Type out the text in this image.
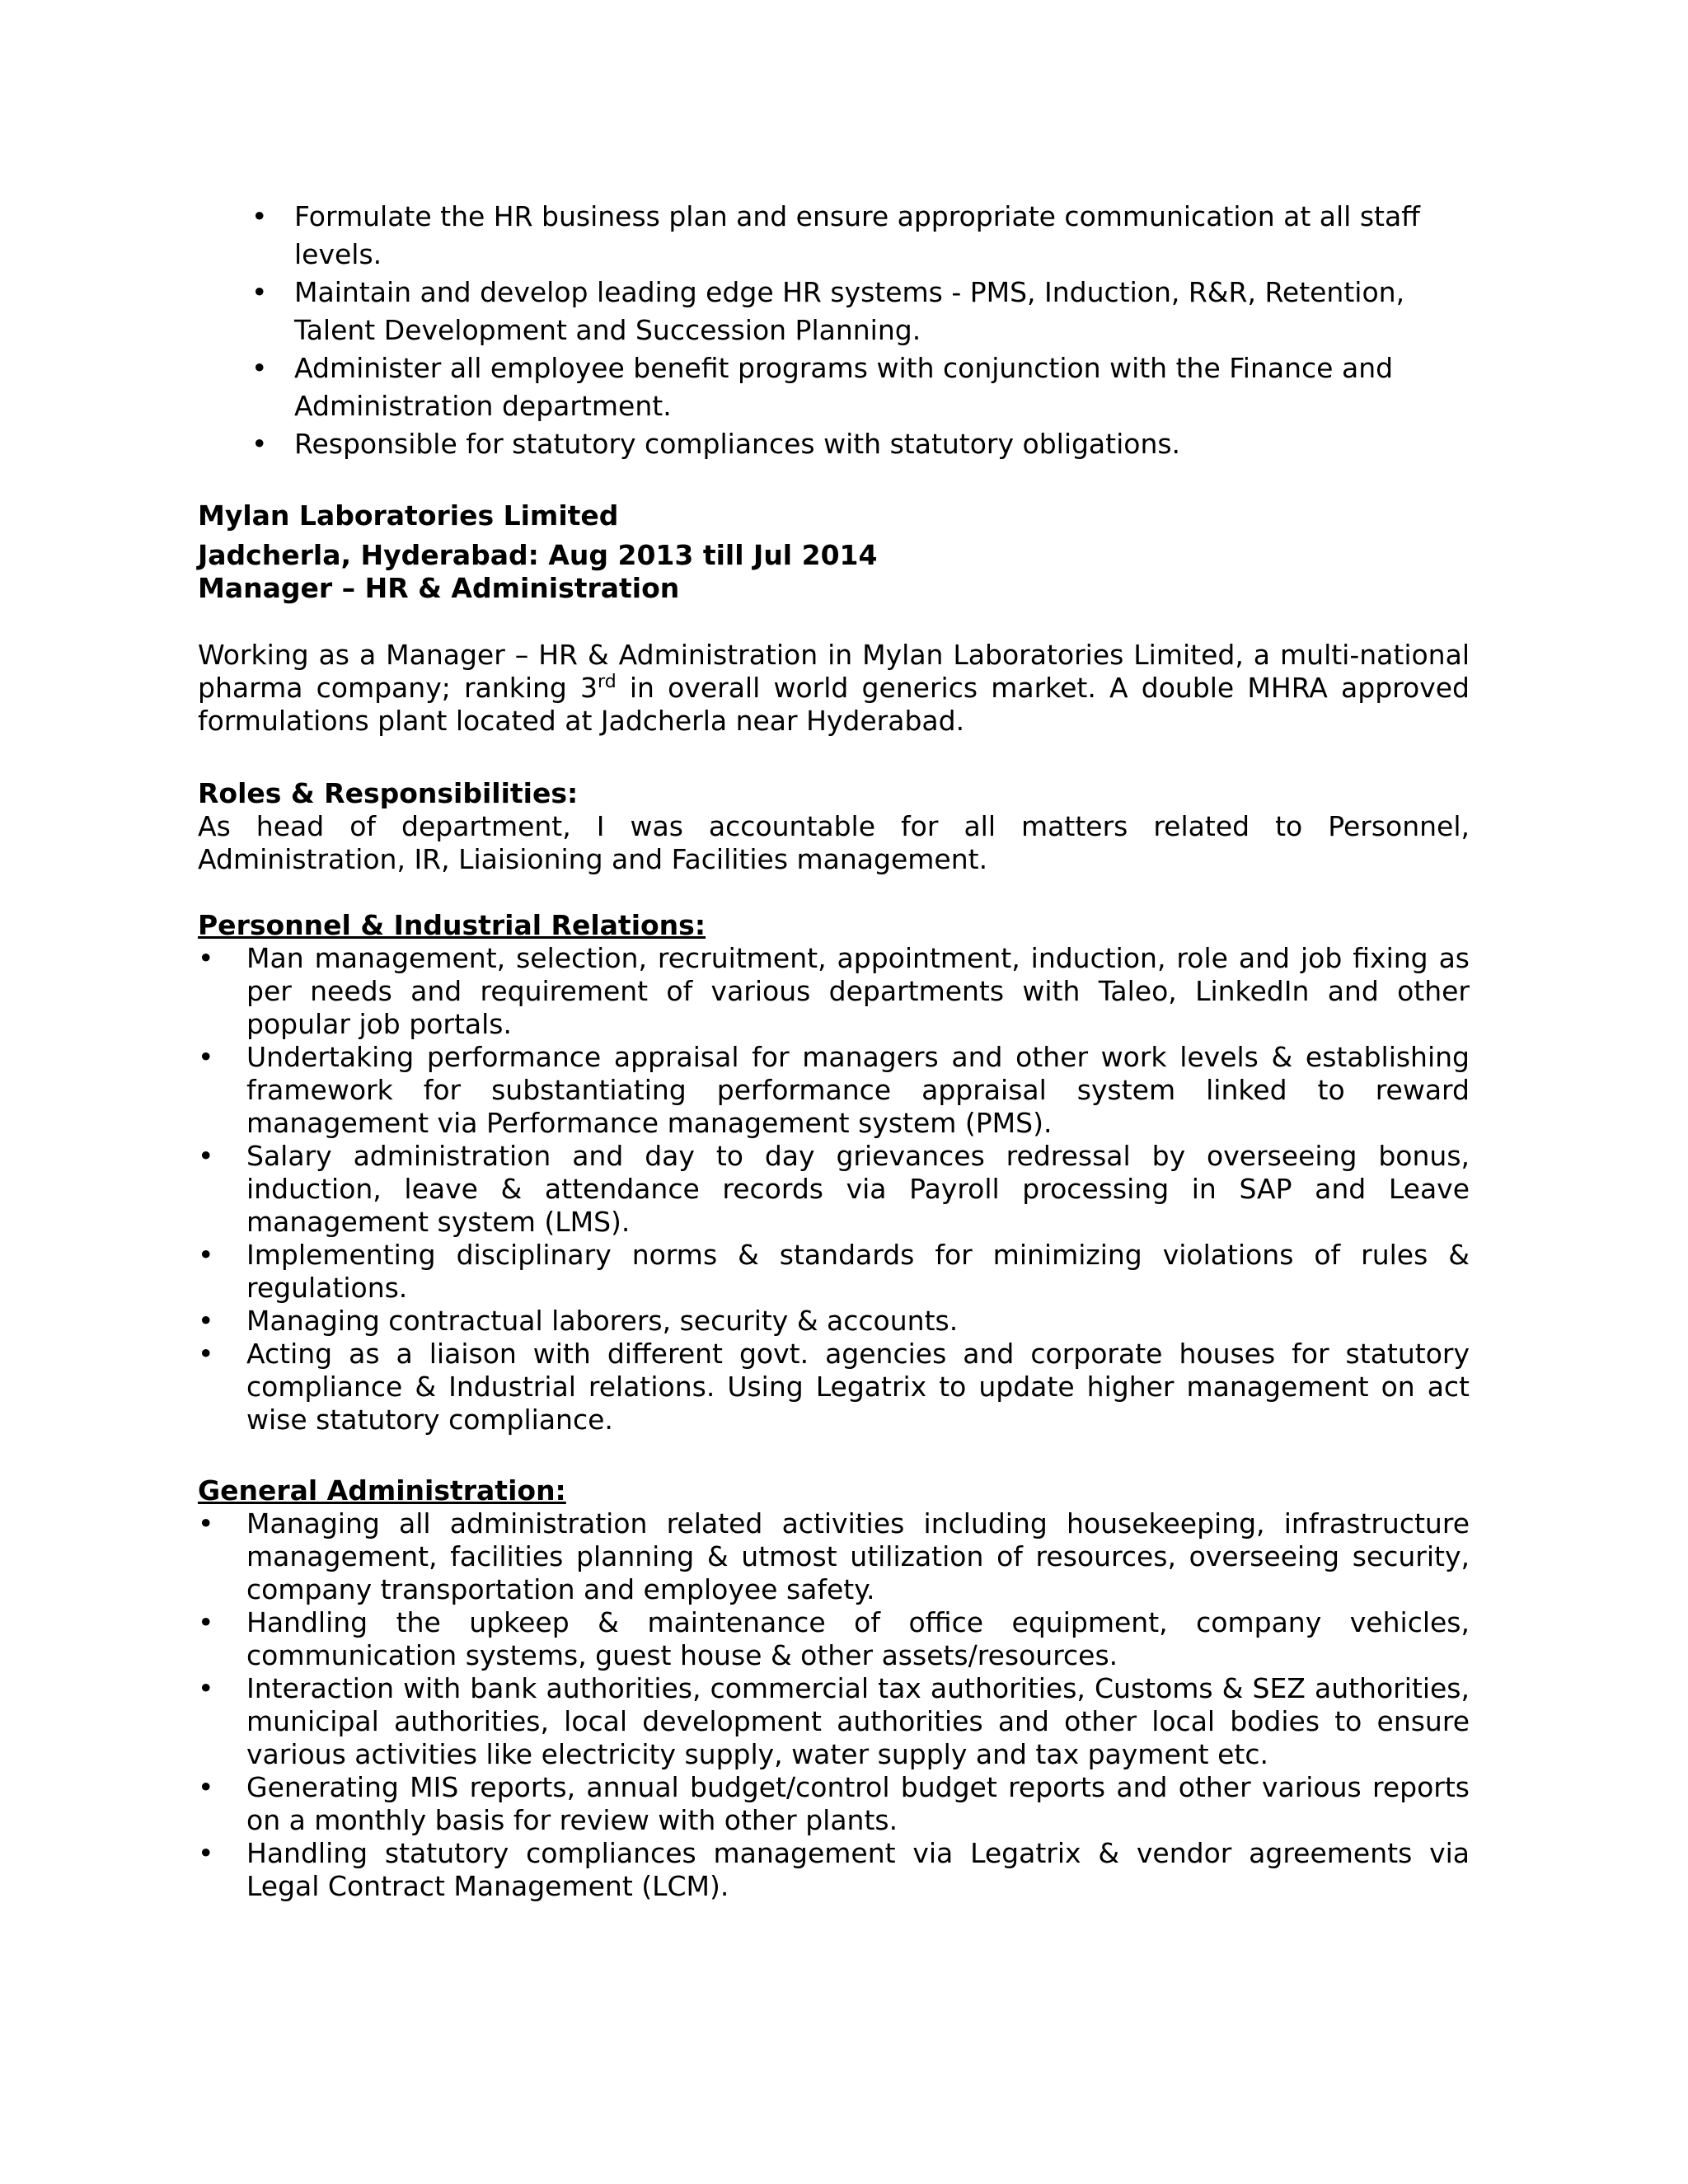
• Formulate the HR business plan and ensure appropriate communication at all staff levels.
• Maintain and develop leading edge HR systems - PMS, Induction, R&R, Retention, Talent Development and Succession Planning.
• Administer all employee benefit programs with conjunction with the Finance and Administration department.
• Responsible for statutory compliances with statutory obligations.
Mylan Laboratories Limited
Jadcherla, Hyderabad: Aug 2013 till Jul 2014
Manager – HR & Administration
Working as a Manager – HR & Administration in Mylan Laboratories Limited, a multi-national pharma company; ranking 3rd in overall world generics market. A double MHRA approved formulations plant located at Jadcherla near Hyderabad.
Roles & Responsibilities:
As head of department, I was accountable for all matters related to Personnel, Administration, IR, Liaisioning and Facilities management.
Personnel & Industrial Relations:
• Man management, selection, recruitment, appointment, induction, role and job fixing as per needs and requirement of various departments with Taleo, LinkedIn and other popular job portals.
• Undertaking performance appraisal for managers and other work levels & establishing framework for substantiating performance appraisal system linked to reward management via Performance management system (PMS).
• Salary administration and day to day grievances redressal by overseeing bonus, induction, leave & attendance records via Payroll processing in SAP and Leave management system (LMS).
• Implementing disciplinary norms & standards for minimizing violations of rules & regulations.
• Managing contractual laborers, security & accounts.
• Acting as a liaison with different govt. agencies and corporate houses for statutory compliance & Industrial relations. Using Legatrix to update higher management on act wise statutory compliance.
General Administration:
• Managing all administration related activities including housekeeping, infrastructure management, facilities planning & utmost utilization of resources, overseeing security, company transportation and employee safety.
• Handling the upkeep & maintenance of office equipment, company vehicles, communication systems, guest house & other assets/resources.
• Interaction with bank authorities, commercial tax authorities, Customs & SEZ authorities, municipal authorities, local development authorities and other local bodies to ensure various activities like electricity supply, water supply and tax payment etc.
• Generating MIS reports, annual budget/control budget reports and other various reports on a monthly basis for review with other plants.
• Handling statutory compliances management via Legatrix & vendor agreements via Legal Contract Management (LCM).
